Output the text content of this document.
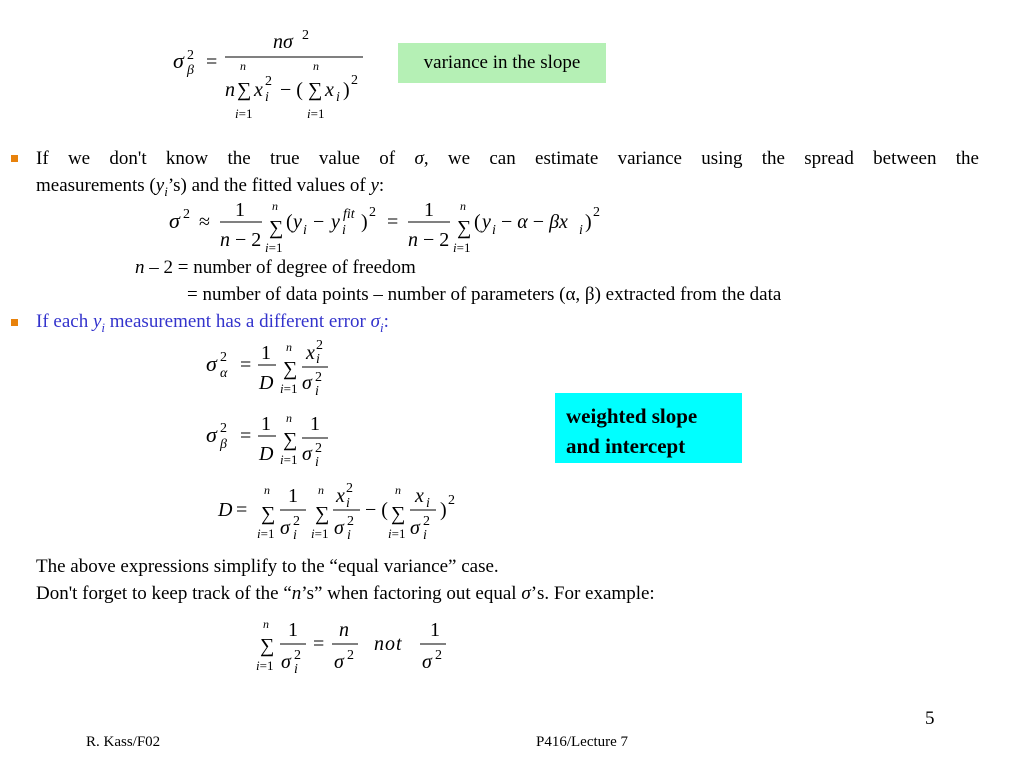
σ 2
β =
nσ 2
n
n
∑ x 2
i − (
n
∑ x i ) 2
i=1	i=1
variance in the slope
If we don't know the true value of σ, we can estimate variance using the spread between the
measurements $(y_i’s)$ and the fitted values of y:
σ 2 ≈
1
n − 2
n
∑
i=1
( y i − y fit
i ) 2 =
1
n − 2
n
∑
i=1
( y i − α − βx i ) 2
n – 2 = number of degree of freedom
= number of data points – number of parameters (α, β) extracted from the data
If each $y_i$ measurement has a different error $\sigma_i$:
σ 2
α =
1
D
n
∑
i=1
x 2
i
σ 2
i
σ 2
β =
1
D
n
∑
i=1
1
σ 2
i
weighted slope
and intercept
D =
n
∑
i=1
1
σ 2
i
n
∑
i=1
x 2
i
σ 2
i
− (
n
∑
i=1
x i
σ 2
i
) 2
The above expressions simplify to the “equal variance” case.
Don't forget to keep track of the “n’s” when factoring out equal σ’s. For example:
n
∑
i=1
1
σ 2
i
=
n
σ 2
not
1
σ 2
5
R. Kass/F02	P416/Lecture 7
